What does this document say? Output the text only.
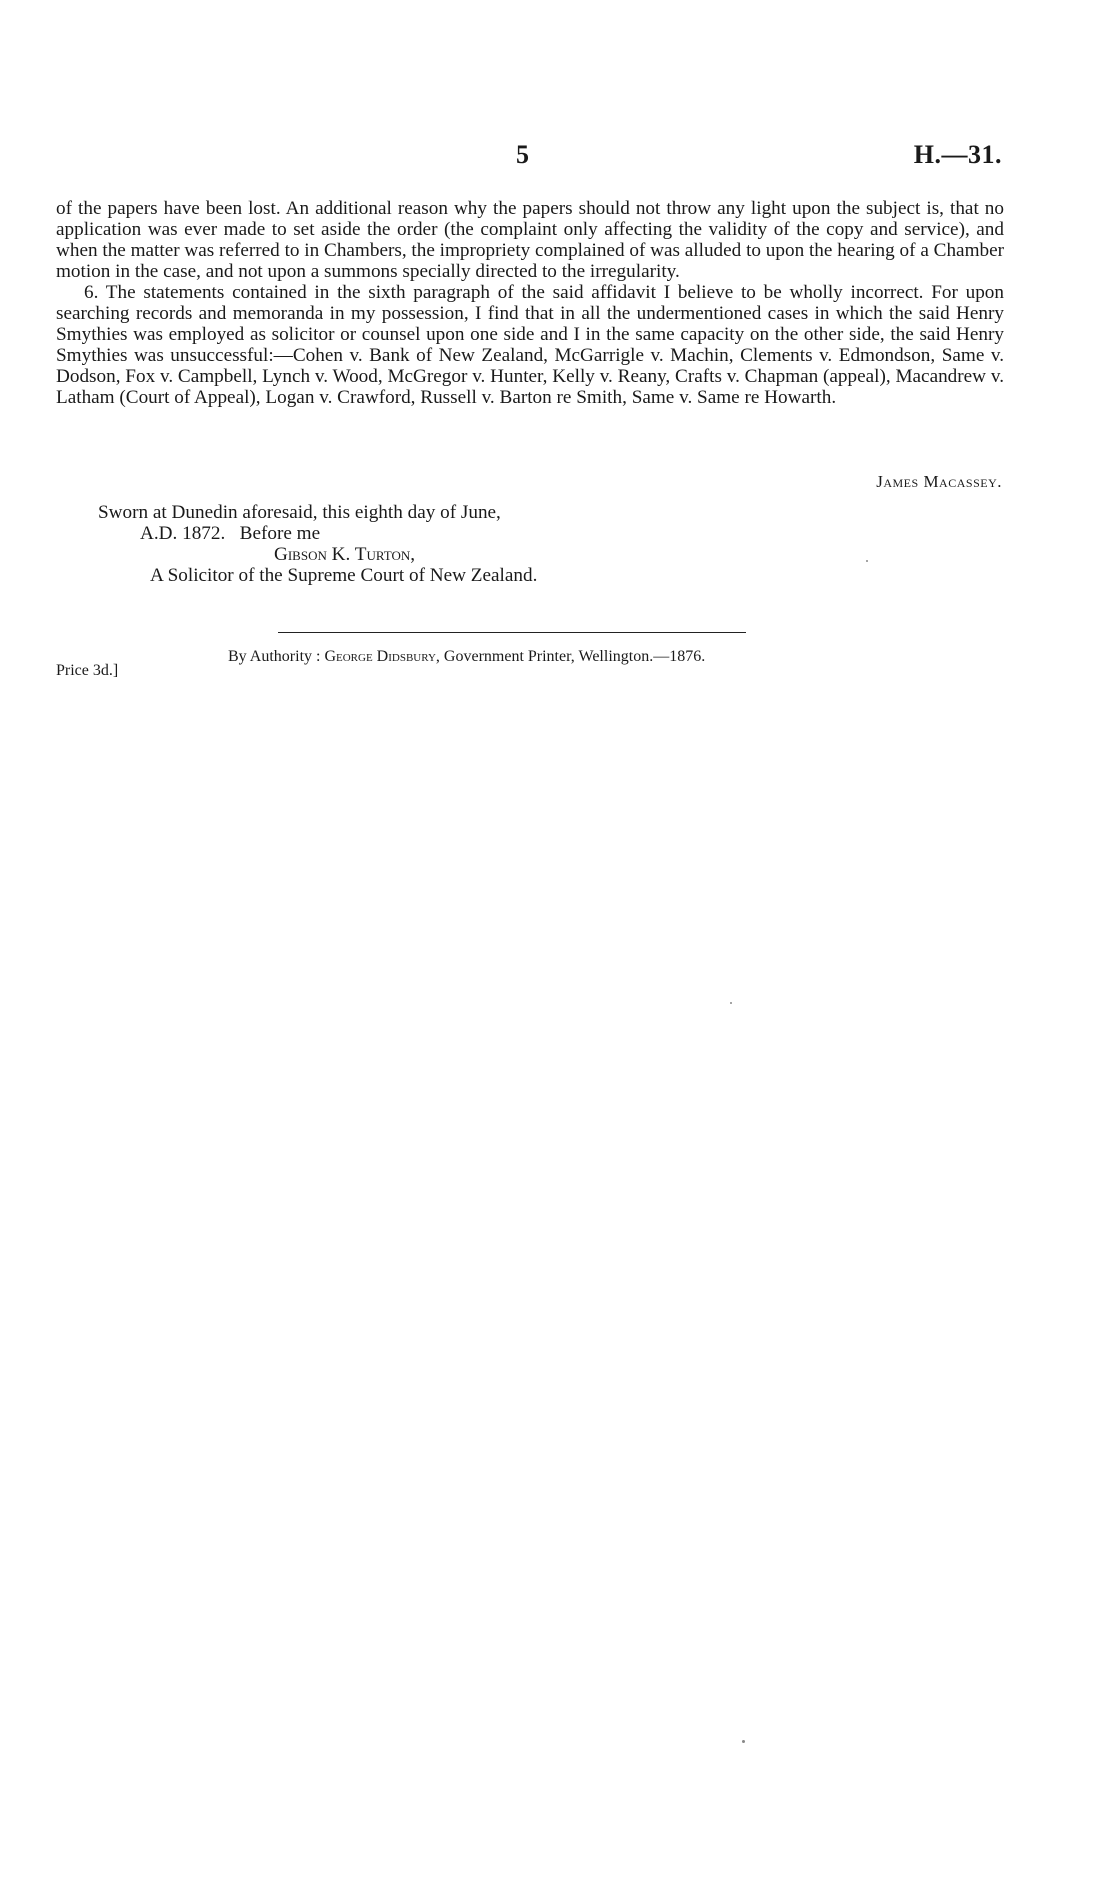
5	H.—31.

of the papers have been lost. An additional reason why the papers should not throw any light upon the subject is, that no application was ever made to set aside the order (the complaint only affecting the validity of the copy and service), and when the matter was referred to in Chambers, the impropriety complained of was alluded to upon the hearing of a Chamber motion in the case, and not upon a summons specially directed to the irregularity.

6. The statements contained in the sixth paragraph of the said affidavit I believe to be wholly incorrect. For upon searching records and memoranda in my possession, I find that in all the undermentioned cases in which the said Henry Smythies was employed as solicitor or counsel upon one side and I in the same capacity on the other side, the said Henry Smythies was unsuccessful:—Cohen v. Bank of New Zealand, McGarrigle v. Machin, Clements v. Edmondson, Same v. Dodson, Fox v. Campbell, Lynch v. Wood, McGregor v. Hunter, Kelly v. Reany, Crafts v. Chapman (appeal), Macandrew v. Latham (Court of Appeal), Logan v. Crawford, Russell v. Barton re Smith, Same v. Same re Howarth.

James Macassey.
Sworn at Dunedin aforesaid, this eighth day of June,
A.D. 1872.   Before me
Gibson K. Turton,
A Solicitor of the Supreme Court of New Zealand.
Price 3d.]
By Authority : George Didsbury, Government Printer, Wellington.—1876.
